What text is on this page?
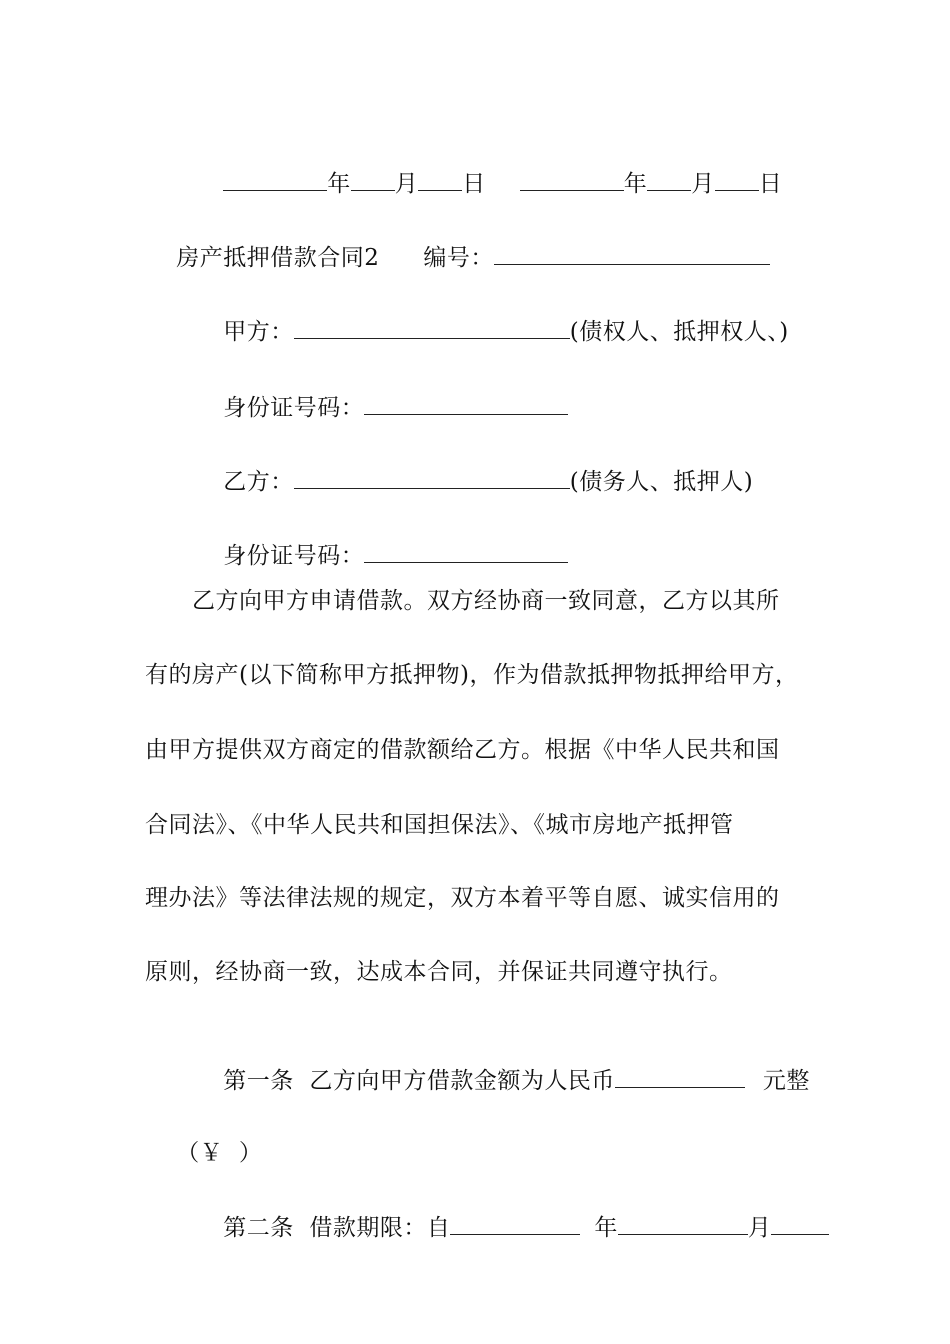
年 月 日	年 月 日

房产抵押借款合同2 编号：

甲方：	(债权人、抵押权人、)

身份证号码：

乙方：	(债务人、抵押人)

身份证号码：

乙方向甲方申请借款。双方经协商一致同意，乙方以其所
有的房产(以下简称甲方抵押物)，作为借款抵押物抵押给甲方，
由甲方提供双方商定的借款额给乙方。根据《中华人民共和国
合同法》、《中华人民共和国担保法》、《城市房地产抵押管
理办法》等法律法规的规定，双方本着平等自愿、诚实信用的
原则，经协商一致，达成本合同，并保证共同遵守执行。

第一条  乙方向甲方借款金额为人民币	元整

（￥  ）

第二条  借款期限：自	年	月
